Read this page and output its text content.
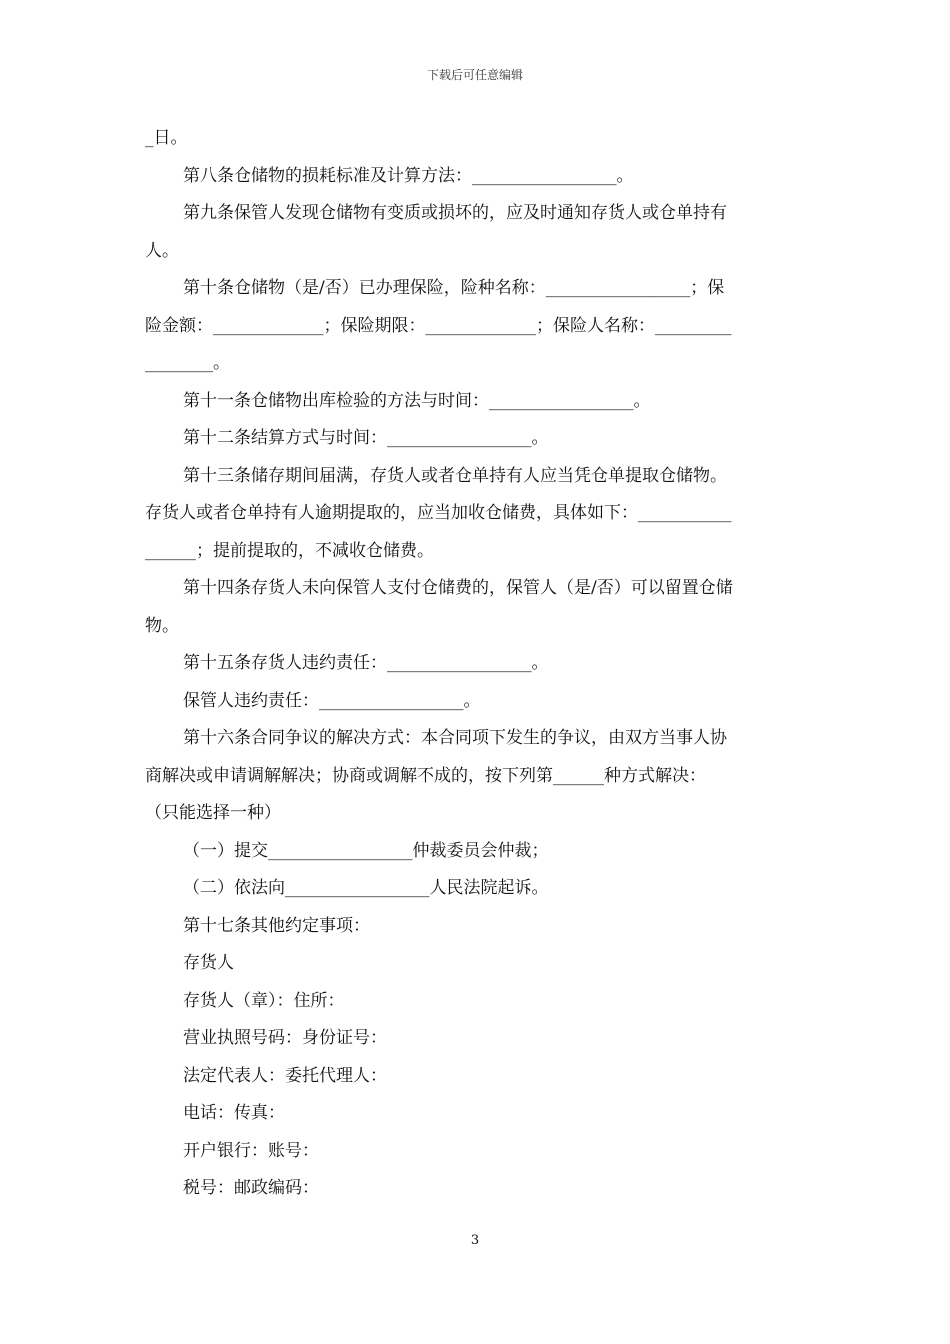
下载后可任意编辑
_日。
第八条仓储物的损耗标准及计算方法：_________________。
第九条保管人发现仓储物有变质或损坏的，应及时通知存货人或仓单持有
人。
第十条仓储物（是/否）已办理保险，险种名称：_________________；保
险金额：_____________；保险期限：_____________；保险人名称：_________
________。
第十一条仓储物出库检验的方法与时间：_________________。
第十二条结算方式与时间：_________________。
第十三条储存期间届满，存货人或者仓单持有人应当凭仓单提取仓储物。
存货人或者仓单持有人逾期提取的，应当加收仓储费，具体如下：___________
______；提前提取的，不减收仓储费。
第十四条存货人未向保管人支付仓储费的，保管人（是/否）可以留置仓储
物。
第十五条存货人违约责任：_________________。
保管人违约责任：_________________。
第十六条合同争议的解决方式：本合同项下发生的争议，由双方当事人协
商解决或申请调解解决；协商或调解不成的，按下列第______种方式解决：
（只能选择一种）
（一）提交_________________仲裁委员会仲裁；
（二）依法向_________________人民法院起诉。
第十七条其他约定事项：
存货人
存货人（章）：住所：
营业执照号码：身份证号：
法定代表人：委托代理人：
电话：传真：
开户银行：账号：
税号：邮政编码：
3
